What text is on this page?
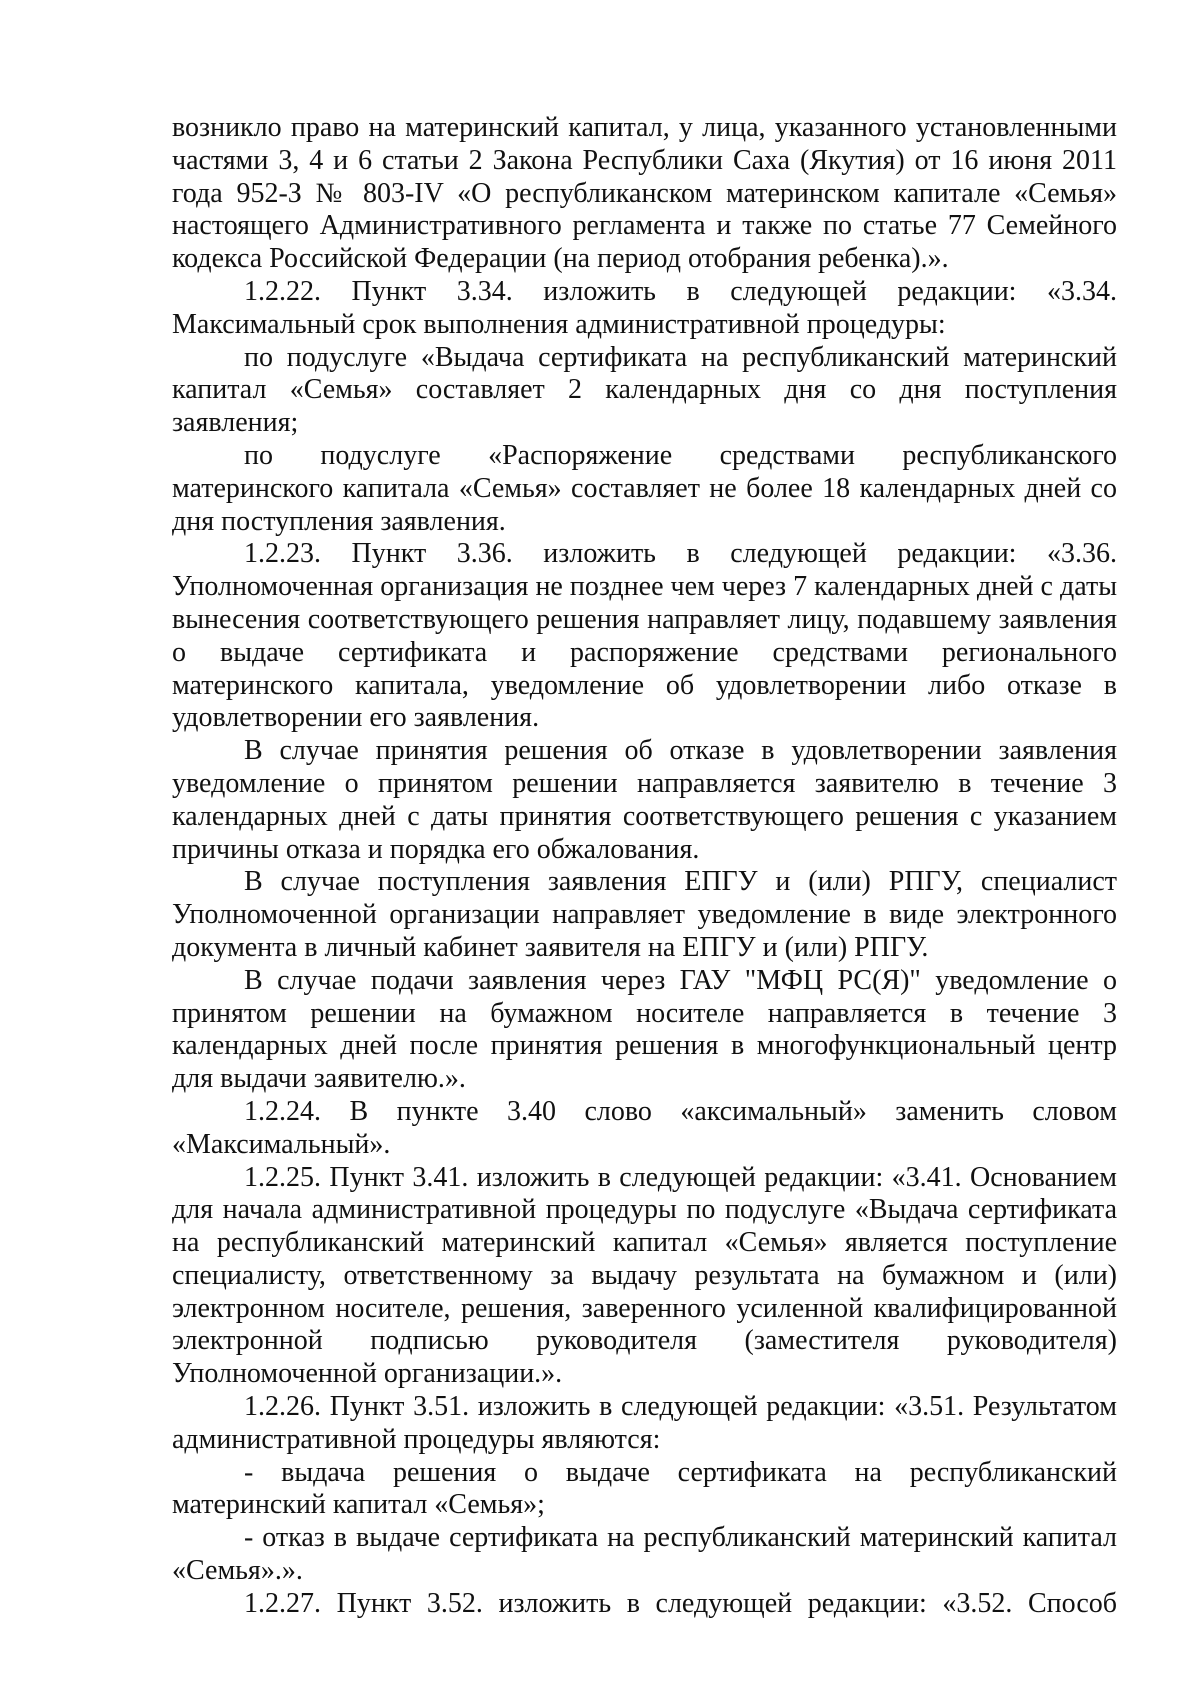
возникло право на материнский капитал, у лица, указанного установленными частями 3, 4 и 6 статьи 2 Закона Республики Саха (Якутия) от 16 июня 2011 года 952-З № 803-IV «О республиканском материнском капитале «Семья» настоящего Административного регламента и также по статье 77 Семейного кодекса Российской Федерации (на период отобрания ребенка).».

1.2.22. Пункт 3.34. изложить в следующей редакции: «3.34. Максимальный срок выполнения административной процедуры:

по подуслуге «Выдача сертификата на республиканский материнский капитал «Семья» составляет 2 календарных дня со дня поступления заявления;

по подуслуге «Распоряжение средствами республиканского материнского капитала «Семья» составляет не более 18 календарных дней со дня поступления заявления.

1.2.23. Пункт 3.36. изложить в следующей редакции: «3.36. Уполномоченная организация не позднее чем через 7 календарных дней с даты вынесения соответствующего решения направляет лицу, подавшему заявления о выдаче сертификата и распоряжение средствами регионального материнского капитала, уведомление об удовлетворении либо отказе в удовлетворении его заявления.

В случае принятия решения об отказе в удовлетворении заявления уведомление о принятом решении направляется заявителю в течение 3 календарных дней с даты принятия соответствующего решения с указанием причины отказа и порядка его обжалования.

В случае поступления заявления ЕПГУ и (или) РПГУ, специалист Уполномоченной организации направляет уведомление в виде электронного документа в личный кабинет заявителя на ЕПГУ и (или) РПГУ.

В случае подачи заявления через ГАУ "МФЦ РС(Я)" уведомление о принятом решении на бумажном носителе направляется в течение 3 календарных дней после принятия решения в многофункциональный центр для выдачи заявителю.».

1.2.24. В пункте 3.40 слово «аксимальный» заменить словом «Максимальный».

1.2.25. Пункт 3.41. изложить в следующей редакции: «3.41. Основанием для начала административной процедуры по подуслуге «Выдача сертификата на республиканский материнский капитал «Семья» является поступление специалисту, ответственному за выдачу результата на бумажном и (или) электронном носителе, решения, заверенного усиленной квалифицированной электронной подписью руководителя (заместителя руководителя) Уполномоченной организации.».

1.2.26. Пункт 3.51. изложить в следующей редакции: «3.51. Результатом административной процедуры являются:

- выдача решения о выдаче сертификата на республиканский материнский капитал «Семья»;

- отказ в выдаче сертификата на республиканский материнский капитал «Семья».».

1.2.27. Пункт 3.52. изложить в следующей редакции: «3.52. Способ
